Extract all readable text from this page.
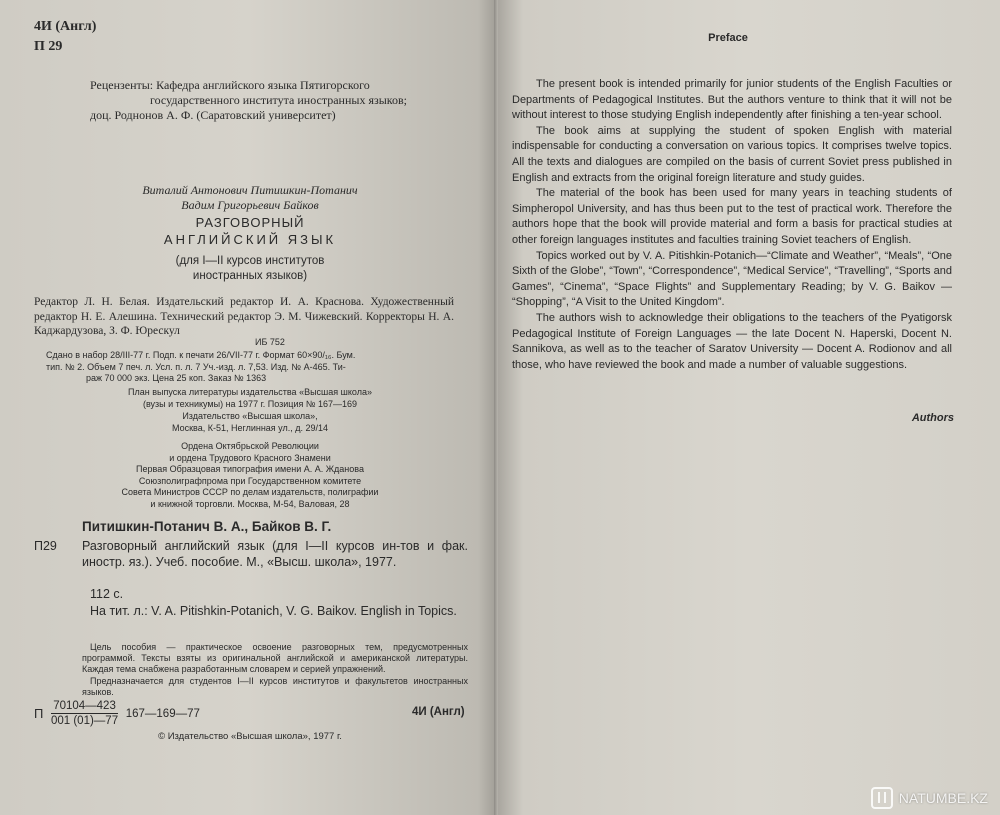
4И (Англ)
П 29
Рецензенты: Кафедра английского языка Пятигорского
государственного института иностранных языков;
доц. Роднонов А. Ф. (Саратовский университет)
Виталий Антонович Питишкин-Потанич
Вадим Григорьевич Байков
РАЗГОВОРНЫЙ
АНГЛИЙСКИЙ ЯЗЫК
(для I—II курсов институтов
иностранных языков)
Редактор Л. Н. Белая. Издательский редактор И. А. Краснова. Художественный редактор Н. Е. Алешина. Технический редактор Э. М. Чижевский. Корректоры Н. А. Каджардузова, З. Ф. Юрескул
ИБ 752
Сдано в набор 28/III-77 г. Подп. к печати 26/VII-77 г. Формат 60×90/₁₆. Бум.
тип. № 2. Объем 7 печ. л. Усл. п. л. 7 Уч.-изд. л. 7,53. Изд. № А-465. Ти-
раж 70 000 экз. Цена 25 коп. Заказ № 1363
План выпуска литературы издательства «Высшая школа»
(вузы и техникумы) на 1977 г. Позиция № 167—169
Издательство «Высшая школа»,
Москва, К-51, Неглинная ул., д. 29/14
Ордена Октябрьской Революции
и ордена Трудового Красного Знамени
Первая Образцовая типография имени А. А. Жданова
Союзполиграфпрома при Государственном комитете
Совета Министров СССР по делам издательств, полиграфии
и книжной торговли. Москва, М-54, Валовая, 28
Питишкин-Потанич В. А., Байков В. Г.
П29 Разговорный английский язык (для I—II курсов ин-тов и фак. иностр. яз.). Учеб. пособие. М., «Высш. школа», 1977.
112 с.
На тит. л.: V. A. Pitishkin-Potanich, V. G. Baikov. English in Topics.
Цель пособия — практическое освоение разговорных тем, предусмотренных программой. Тексты взяты из оригинальной английской и американской литературы. Каждая тема снабжена разработанным словарем и серией упражнений.
Предназначается для студентов I—II курсов институтов и факультетов иностранных языков.
П $\frac{70104—423}{001 (01)—77}$ 167—169—77	4И (Англ)
© Издательство «Высшая школа», 1977 г.
Preface

The present book is intended primarily for junior students of the English Faculties or Departments of Pedagogical Institutes. But the authors venture to think that it will not be without interest to those studying English independently after finishing a ten-year school.

The book aims at supplying the student of spoken English with material indispensable for conducting a conversation on various topics. It comprises twelve topics. All the texts and dialogues are compiled on the basis of current Soviet press published in English and extracts from the original foreign literature and study guides.

The material of the book has been used for many years in teaching students of Simpheropol University, and has thus been put to the test of practical work. Therefore the authors hope that the book will provide material and form a basis for practical studies at other foreign languages institutes and faculties training Soviet teachers of English.

Topics worked out by V. A. Pitishkin-Potanich—“Climate and Weather”, “Meals”, “One Sixth of the Globe”, “Town”, “Correspondence”, “Medical Service”, “Travelling”, “Sports and Games”, “Cinema”, “Space Flights” and Supplementary Reading; by V. G. Baikov — “Shopping”, “A Visit to the United Kingdom”.

The authors wish to acknowledge their obligations to the teachers of the Pyatigorsk Pedagogical Institute of Foreign Languages — the late Docent N. Haperski, Docent N. Sannikova, as well as to the teacher of Saratov University — Docent A. Rodionov and all those, who have reviewed the book and made a number of valuable suggestions.

Authors
NATUMBE.KZ
